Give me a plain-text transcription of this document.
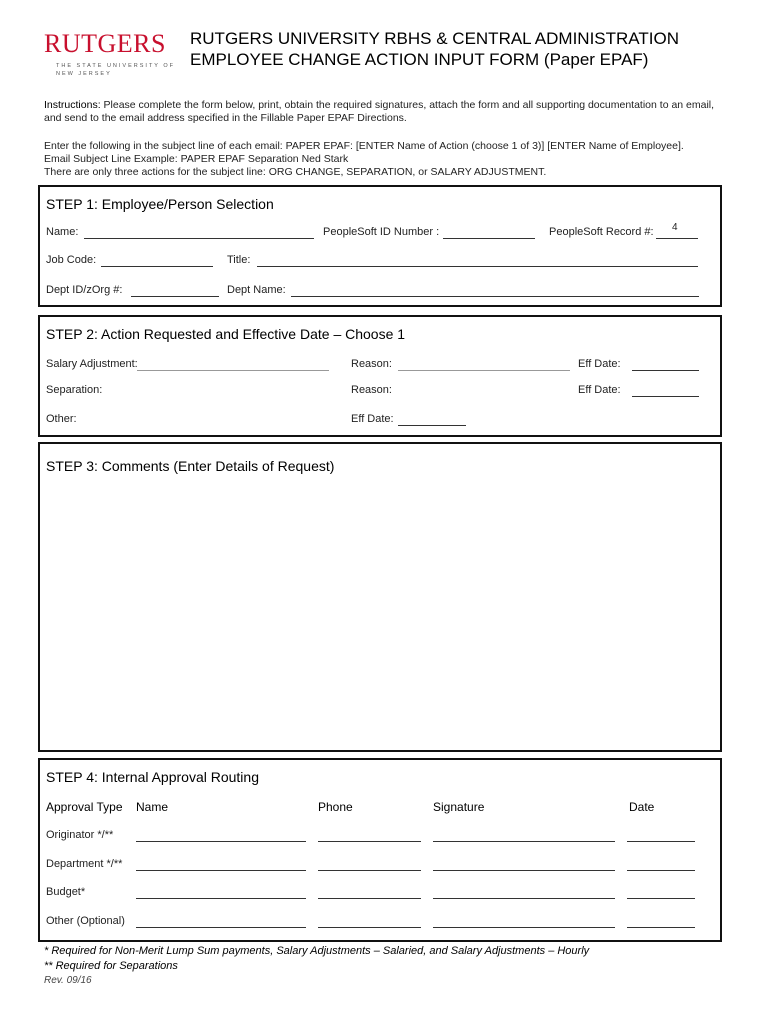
RUTGERS
THE STATE UNIVERSITY OF NEW JERSEY
RUTGERS UNIVERSITY RBHS & CENTRAL ADMINISTRATION
EMPLOYEE CHANGE ACTION INPUT FORM (Paper EPAF)
Instructions: Please complete the form below, print, obtain the required signatures, attach the form and all supporting documentation to an email, and send to the email address specified in the Fillable Paper EPAF Directions.
Enter the following in the subject line of each email: PAPER EPAF: [ENTER Name of Action (choose 1 of 3)] [ENTER Name of Employee].
Email Subject Line Example: PAPER EPAF Separation Ned Stark
There are only three actions for the subject line: ORG CHANGE, SEPARATION, or SALARY ADJUSTMENT.
STEP 1: Employee/Person Selection
Name:	PeopleSoft ID Number :	PeopleSoft Record #: 4
Job Code:	Title:
Dept ID/zOrg #:	Dept Name:
STEP 2: Action Requested and Effective Date – Choose 1
Salary Adjustment:	Reason:	Eff Date:
Separation:	Reason:	Eff Date:
Other:	Eff Date:
STEP 3: Comments (Enter Details of Request)
STEP 4: Internal Approval Routing
Approval Type Name	Phone	Signature	Date
Originator */**
Department */**
Budget*
Other (Optional)
* Required for Non-Merit Lump Sum payments, Salary Adjustments – Salaried, and Salary Adjustments – Hourly
** Required for Separations
Rev. 09/16
